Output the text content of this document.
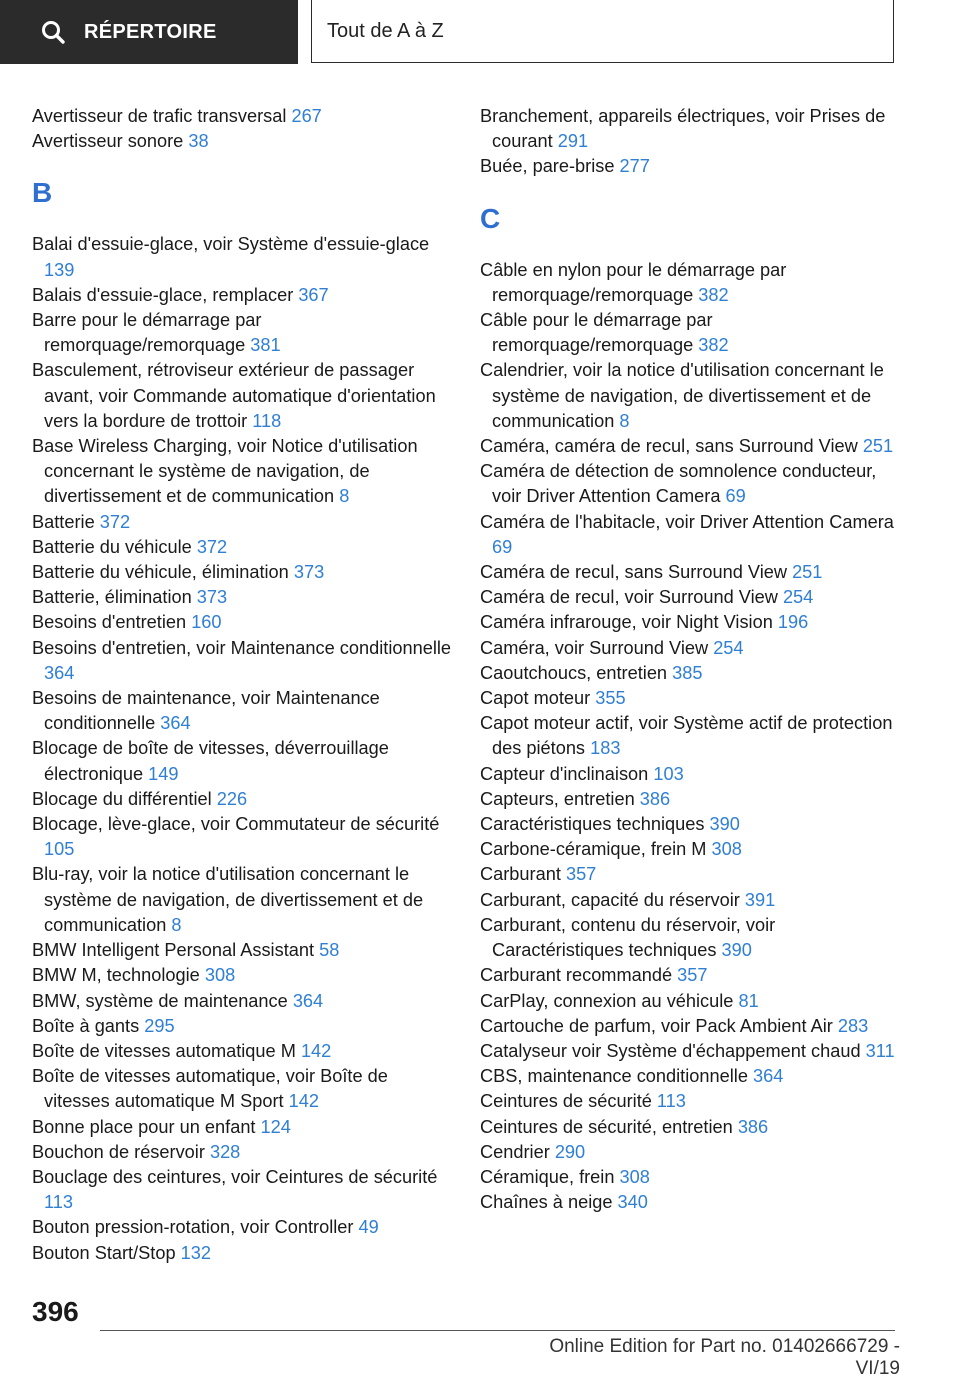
RÉPERTOIRE	Tout de A à Z

Avertisseur de trafic transversal 267

Avertisseur sonore 38

B

Balai d'essuie-glace, voir Système d'essuie-glace 139

Balais d'essuie-glace, remplacer 367

Barre pour le démarrage par remorquage/remorquage 381

Basculement, rétroviseur extérieur de passager avant, voir Commande automatique d'orientation vers la bordure de trottoir 118

Base Wireless Charging, voir Notice d'utilisation concernant le système de navigation, de divertissement et de communication 8

Batterie 372

Batterie du véhicule 372

Batterie du véhicule, élimination 373

Batterie, élimination 373

Besoins d'entretien 160

Besoins d'entretien, voir Maintenance conditionnelle 364

Besoins de maintenance, voir Maintenance conditionnelle 364

Blocage de boîte de vitesses, déverrouillage électronique 149

Blocage du différentiel 226

Blocage, lève-glace, voir Commutateur de sécurité 105

Blu-ray, voir la notice d'utilisation concernant le système de navigation, de divertissement et de communication 8

BMW Intelligent Personal Assistant 58

BMW M, technologie 308

BMW, système de maintenance 364

Boîte à gants 295

Boîte de vitesses automatique M 142

Boîte de vitesses automatique, voir Boîte de vitesses automatique M Sport 142

Bonne place pour un enfant 124

Bouchon de réservoir 328

Bouclage des ceintures, voir Ceintures de sécurité 113

Bouton pression-rotation, voir Controller 49

Bouton Start/Stop 132

Branchement, appareils électriques, voir Prises de courant 291

Buée, pare-brise 277

C

Câble en nylon pour le démarrage par remorquage/remorquage 382

Câble pour le démarrage par remorquage/remorquage 382

Calendrier, voir la notice d'utilisation concernant le système de navigation, de divertissement et de communication 8

Caméra, caméra de recul, sans Surround View 251

Caméra de détection de somnolence conducteur, voir Driver Attention Camera 69

Caméra de l'habitacle, voir Driver Attention Camera 69

Caméra de recul, sans Surround View 251

Caméra de recul, voir Surround View 254

Caméra infrarouge, voir Night Vision 196

Caméra, voir Surround View 254

Caoutchoucs, entretien 385

Capot moteur 355

Capot moteur actif, voir Système actif de protection des piétons 183

Capteur d'inclinaison 103

Capteurs, entretien 386

Caractéristiques techniques 390

Carbone-céramique, frein M 308

Carburant 357

Carburant, capacité du réservoir 391

Carburant, contenu du réservoir, voir Caractéristiques techniques 390

Carburant recommandé 357

CarPlay, connexion au véhicule 81

Cartouche de parfum, voir Pack Ambient Air 283

Catalyseur voir Système d'échappement chaud 311

CBS, maintenance conditionnelle 364

Ceintures de sécurité 113

Ceintures de sécurité, entretien 386

Cendrier 290

Céramique, frein 308

Chaînes à neige 340

396
Online Edition for Part no. 01402666729 - VI/19
